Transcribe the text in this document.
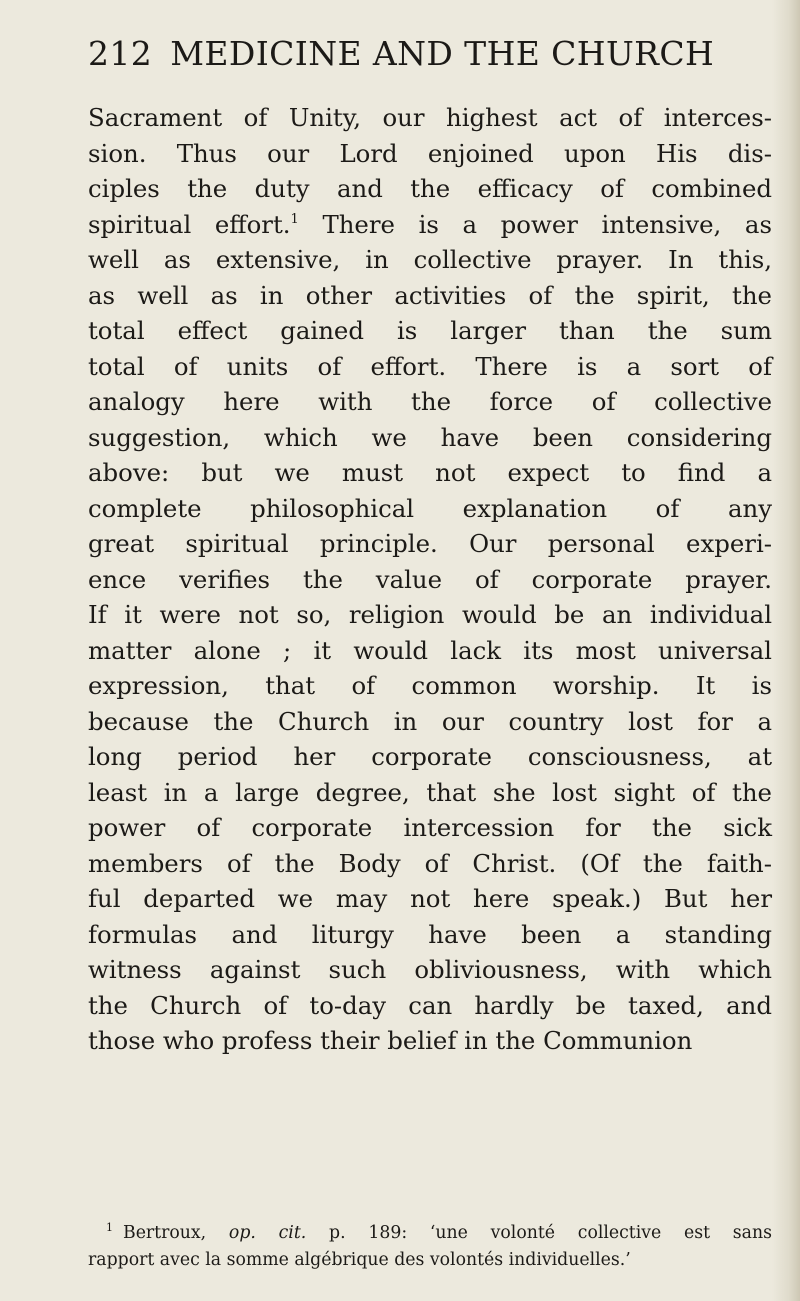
212 MEDICINE AND THE CHURCH
Sacrament of Unity, our highest act of interces-
sion. Thus our Lord enjoined upon His dis-
ciples the duty and the efficacy of combined
spiritual effort.$^1$ There is a power intensive, as
well as extensive, in collective prayer. In this,
as well as in other activities of the spirit, the
total effect gained is larger than the sum
total of units of effort. There is a sort of
analogy here with the force of collective
suggestion, which we have been considering
above: but we must not expect to find a
complete philosophical explanation of any
great spiritual principle. Our personal experi-
ence verifies the value of corporate prayer.
If it were not so, religion would be an individual
matter alone ; it would lack its most universal
expression, that of common worship. It is
because the Church in our country lost for a
long period her corporate consciousness, at
least in a large degree, that she lost sight of the
power of corporate intercession for the sick
members of the Body of Christ. (Of the faith-
ful departed we may not here speak.) But her
formulas and liturgy have been a standing
witness against such obliviousness, with which
the Church of to-day can hardly be taxed, and
those who profess their belief in the Communion
$^1$ Bertroux, op. cit. p. 189: ‘une volonté collective est sans
rapport avec la somme algébrique des volontés individuelles.’
